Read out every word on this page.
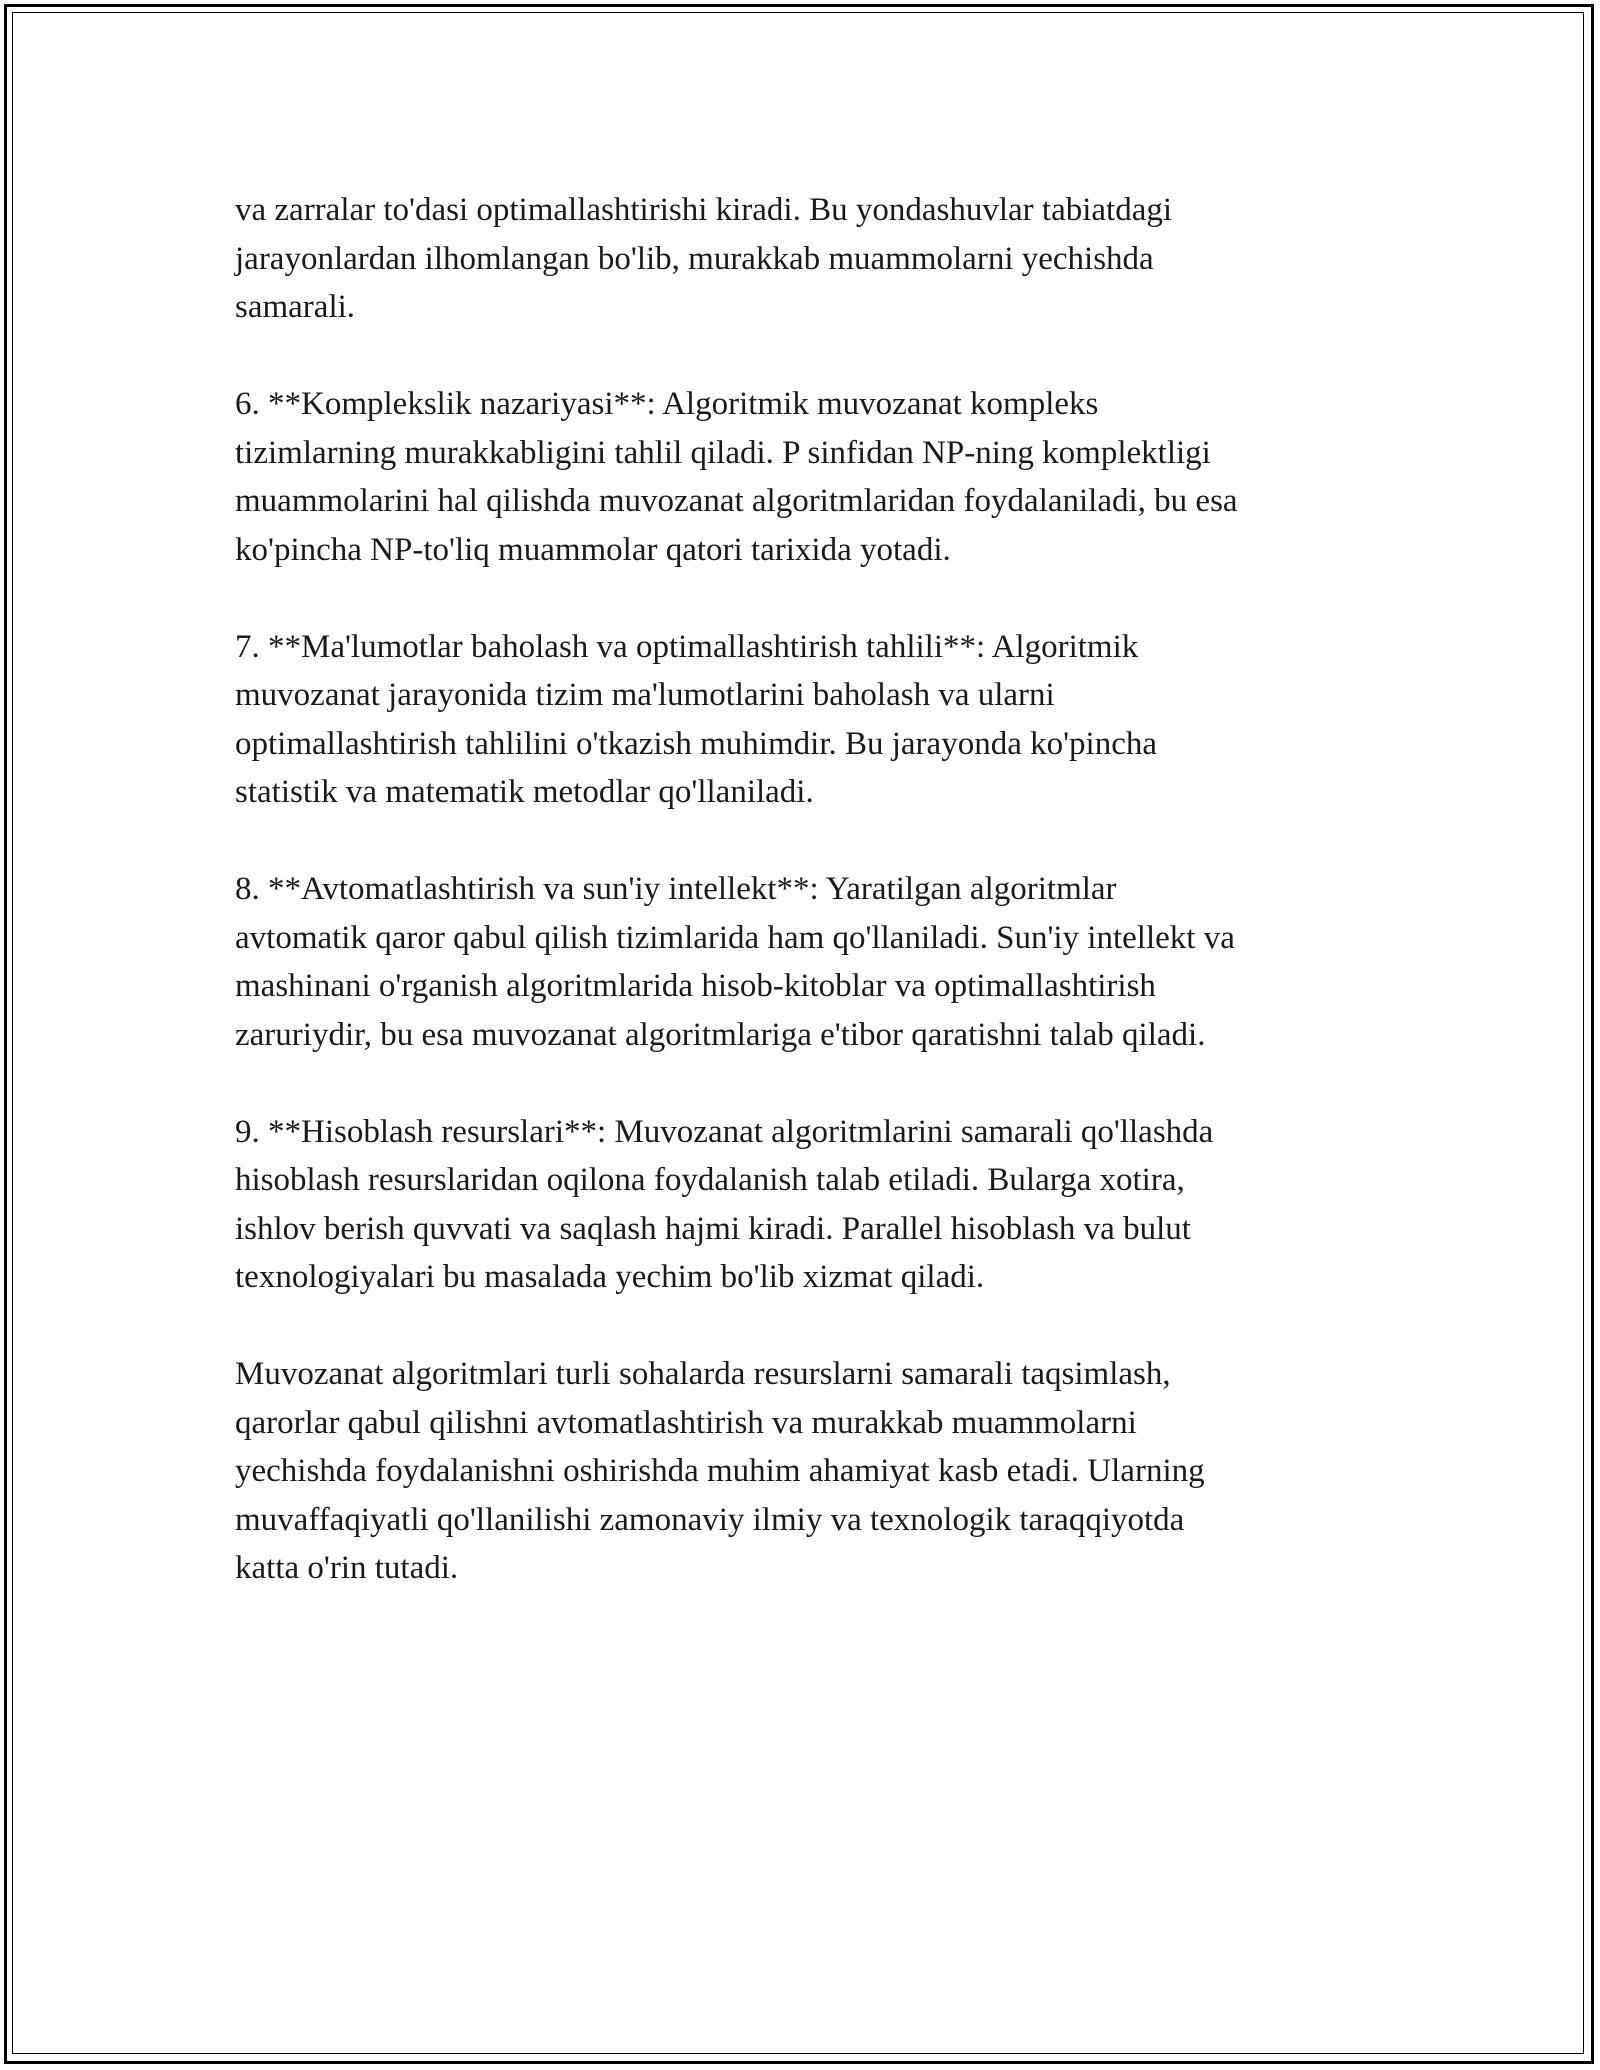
va zarralar to'dasi optimallashtirishi kiradi. Bu yondashuvlar tabiatdagi
jarayonlardan ilhomlangan bo'lib, murakkab muammolarni yechishda
samarali.

6. **Komplekslik nazariyasi**: Algoritmik muvozanat kompleks
tizimlarning murakkabligini tahlil qiladi. P sinfidan NP-ning komplektligi
muammolarini hal qilishda muvozanat algoritmlaridan foydalaniladi, bu esa
ko'pincha NP-to'liq muammolar qatori tarixida yotadi.

7. **Ma'lumotlar baholash va optimallashtirish tahlili**: Algoritmik
muvozanat jarayonida tizim ma'lumotlarini baholash va ularni
optimallashtirish tahlilini o'tkazish muhimdir. Bu jarayonda ko'pincha
statistik va matematik metodlar qo'llaniladi.

8. **Avtomatlashtirish va sun'iy intellekt**: Yaratilgan algoritmlar
avtomatik qaror qabul qilish tizimlarida ham qo'llaniladi. Sun'iy intellekt va
mashinani o'rganish algoritmlarida hisob-kitoblar va optimallashtirish
zaruriydir, bu esa muvozanat algoritmlariga e'tibor qaratishni talab qiladi.

9. **Hisoblash resurslari**: Muvozanat algoritmlarini samarali qo'llashda
hisoblash resurslaridan oqilona foydalanish talab etiladi. Bularga xotira,
ishlov berish quvvati va saqlash hajmi kiradi. Parallel hisoblash va bulut
texnologiyalari bu masalada yechim bo'lib xizmat qiladi.

Muvozanat algoritmlari turli sohalarda resurslarni samarali taqsimlash,
qarorlar qabul qilishni avtomatlashtirish va murakkab muammolarni
yechishda foydalanishni oshirishda muhim ahamiyat kasb etadi. Ularning
muvaffaqiyatli qo'llanilishi zamonaviy ilmiy va texnologik taraqqiyotda
katta o'rin tutadi.
